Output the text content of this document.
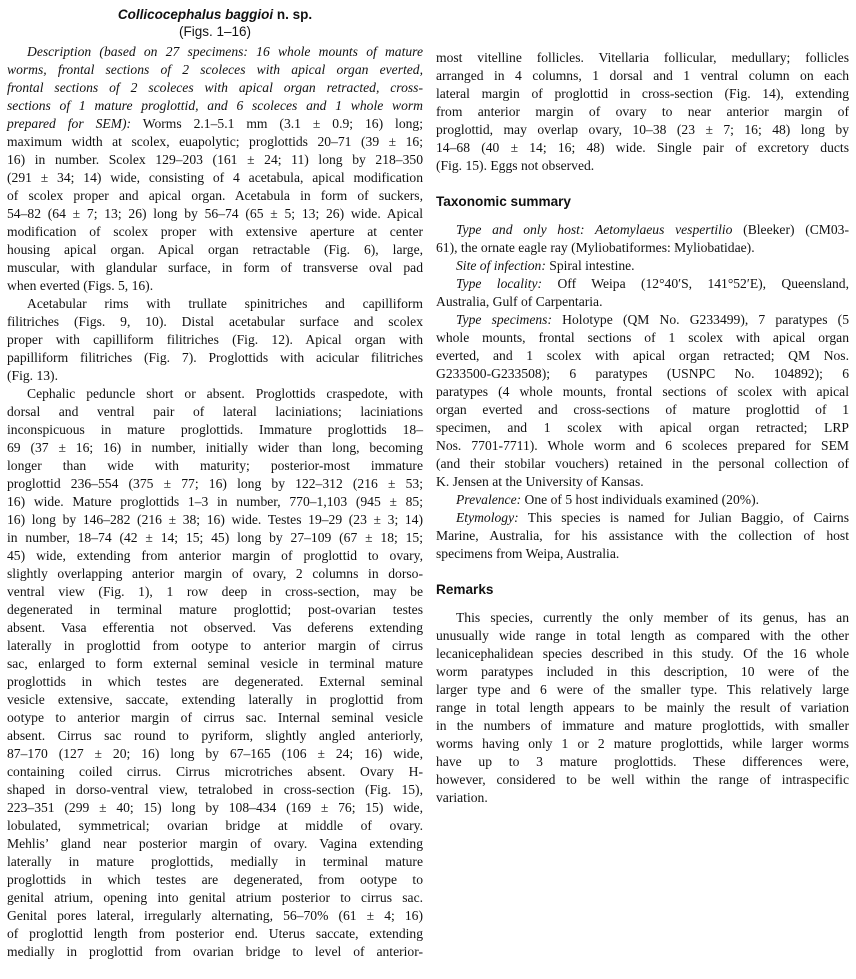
Collicocephalus baggioi n. sp.
(Figs. 1–16)
Description (based on 27 specimens: 16 whole mounts of mature
worms, frontal sections of 2 scoleces with apical organ everted,
frontal sections of 2 scoleces with apical organ retracted, cross-
sections of 1 mature proglottid, and 6 scoleces and 1 whole worm
prepared for SEM): Worms 2.1–5.1 mm (3.1 ± 0.9; 16) long;
maximum width at scolex, euapolytic; proglottids 20–71 (39 ± 16;
16) in number. Scolex 129–203 (161 ± 24; 11) long by 218–350
(291 ± 34; 14) wide, consisting of 4 acetabula, apical modification
of scolex proper and apical organ. Acetabula in form of suckers,
54–82 (64 ± 7; 13; 26) long by 56–74 (65 ± 5; 13; 26) wide. Apical
modification of scolex proper with extensive aperture at center
housing apical organ. Apical organ retractable (Fig. 6), large,
muscular, with glandular surface, in form of transverse oval pad
when everted (Figs. 5, 16).
Acetabular rims with trullate spinitriches and capilliform
filitriches (Figs. 9, 10). Distal acetabular surface and scolex
proper with capilliform filitriches (Fig. 12). Apical organ with
papilliform filitriches (Fig. 7). Proglottids with acicular filitriches
(Fig. 13).
Cephalic peduncle short or absent. Proglottids craspedote, with
dorsal and ventral pair of lateral laciniations; laciniations
inconspicuous in mature proglottids. Immature proglottids 18–
69 (37 ± 16; 16) in number, initially wider than long, becoming
longer than wide with maturity; posterior-most immature
proglottid 236–554 (375 ± 77; 16) long by 122–312 (216 ± 53;
16) wide. Mature proglottids 1–3 in number, 770–1,103 (945 ± 85;
16) long by 146–282 (216 ± 38; 16) wide. Testes 19–29 (23 ± 3; 14)
in number, 18–74 (42 ± 14; 15; 45) long by 27–109 (67 ± 18; 15;
45) wide, extending from anterior margin of proglottid to ovary,
slightly overlapping anterior margin of ovary, 2 columns in dorso-
ventral view (Fig. 1), 1 row deep in cross-section, may be
degenerated in terminal mature proglottid; post-ovarian testes
absent. Vasa efferentia not observed. Vas deferens extending
laterally in proglottid from ootype to anterior margin of cirrus
sac, enlarged to form external seminal vesicle in terminal mature
proglottids in which testes are degenerated. External seminal
vesicle extensive, saccate, extending laterally in proglottid from
ootype to anterior margin of cirrus sac. Internal seminal vesicle
absent. Cirrus sac round to pyriform, slightly angled anteriorly,
87–170 (127 ± 20; 16) long by 67–165 (106 ± 24; 16) wide,
containing coiled cirrus. Cirrus microtriches absent. Ovary H-
shaped in dorso-ventral view, tetralobed in cross-section (Fig. 15),
223–351 (299 ± 40; 15) long by 108–434 (169 ± 76; 15) wide,
lobulated, symmetrical; ovarian bridge at middle of ovary.
Mehlis’ gland near posterior margin of ovary. Vagina extending
laterally in mature proglottids, medially in terminal mature
proglottids in which testes are degenerated, from ootype to
genital atrium, opening into genital atrium posterior to cirrus sac.
Genital pores lateral, irregularly alternating, 56–70% (61 ± 4; 16)
of proglottid length from posterior end. Uterus saccate, extending
medially in proglottid from ovarian bridge to level of anterior-
most vitelline follicles. Vitellaria follicular, medullary; follicles
arranged in 4 columns, 1 dorsal and 1 ventral column on each
lateral margin of proglottid in cross-section (Fig. 14), extending
from anterior margin of ovary to near anterior margin of
proglottid, may overlap ovary, 10–38 (23 ± 7; 16; 48) long by
14–68 (40 ± 14; 16; 48) wide. Single pair of excretory ducts
(Fig. 15). Eggs not observed.
Taxonomic summary
Type and only host: Aetomylaeus vespertilio (Bleeker) (CM03-
61), the ornate eagle ray (Myliobatiformes: Myliobatidae).
Site of infection: Spiral intestine.
Type locality: Off Weipa (12°40′S, 141°52′E), Queensland,
Australia, Gulf of Carpentaria.
Type specimens: Holotype (QM No. G233499), 7 paratypes (5
whole mounts, frontal sections of 1 scolex with apical organ
everted, and 1 scolex with apical organ retracted; QM Nos.
G233500-G233508); 6 paratypes (USNPC No. 104892); 6
paratypes (4 whole mounts, frontal sections of scolex with apical
organ everted and cross-sections of mature proglottid of 1
specimen, and 1 scolex with apical organ retracted; LRP
Nos. 7701-7711). Whole worm and 6 scoleces prepared for SEM
(and their stobilar vouchers) retained in the personal collection of
K. Jensen at the University of Kansas.
Prevalence: One of 5 host individuals examined (20%).
Etymology: This species is named for Julian Baggio, of Cairns
Marine, Australia, for his assistance with the collection of host
specimens from Weipa, Australia.
Remarks
This species, currently the only member of its genus, has an
unusually wide range in total length as compared with the other
lecanicephalidean species described in this study. Of the 16 whole
worm paratypes included in this description, 10 were of the
larger type and 6 were of the smaller type. This relatively large
range in total length appears to be mainly the result of variation
in the numbers of immature and mature proglottids, with smaller
worms having only 1 or 2 mature proglottids, while larger worms
have up to 3 mature proglottids. These differences were,
however, considered to be well within the range of intraspecific
variation.
